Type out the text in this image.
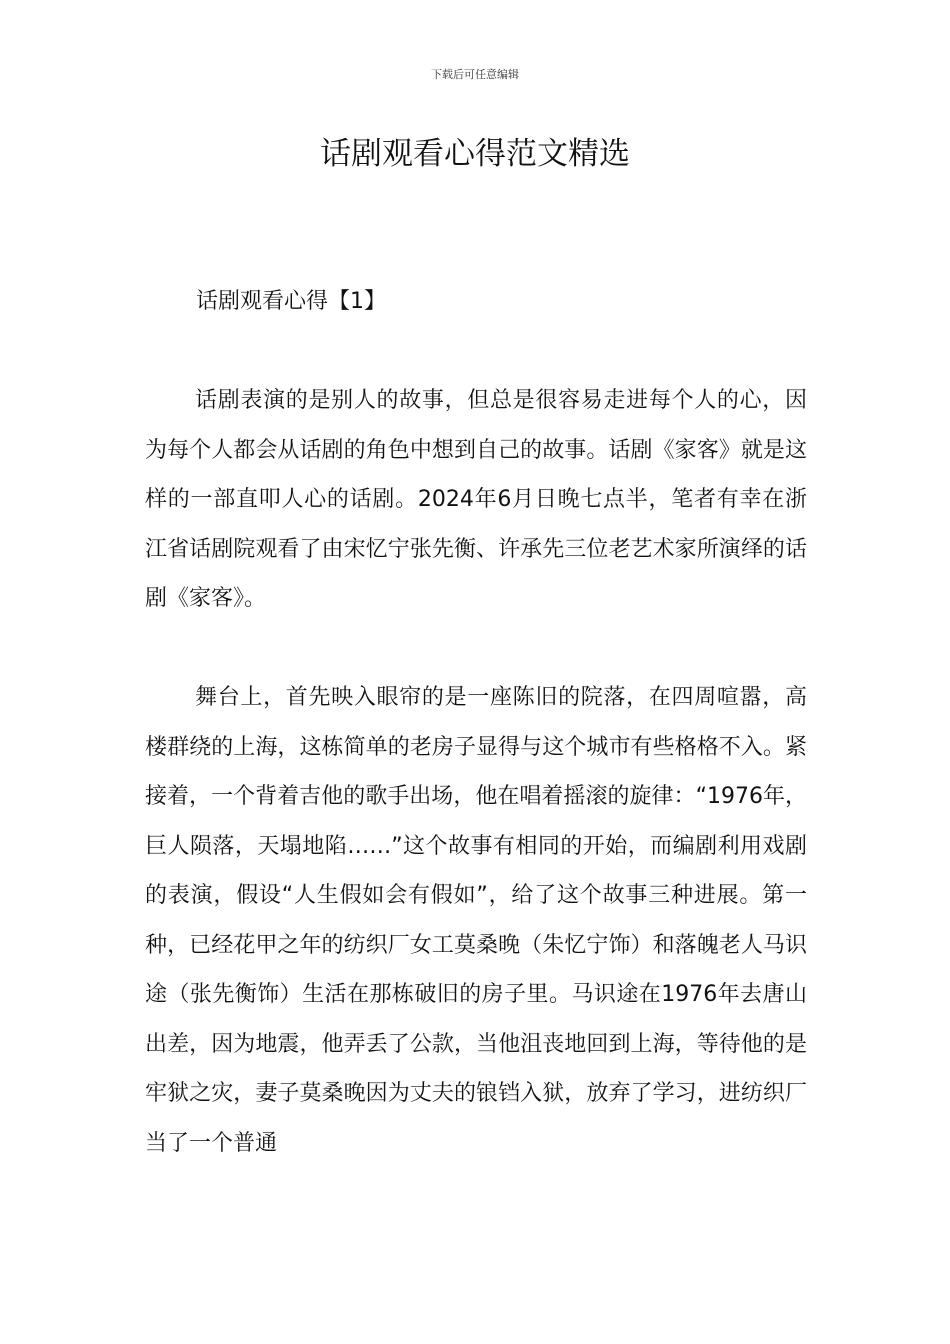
下载后可任意编辑
话剧观看心得范文精选
话剧观看心得【1】

话剧表演的是别人的故事，但总是很容易走进每个人的心，因为每个人都会从话剧的角色中想到自己的故事。话剧《家客》就是这样的一部直叩人心的话剧。2024年6月日晚七点半，笔者有幸在浙江省话剧院观看了由宋忆宁张先衡、许承先三位老艺术家所演绎的话剧《家客》。

舞台上，首先映入眼帘的是一座陈旧的院落，在四周喧嚣，高楼群绕的上海，这栋简单的老房子显得与这个城市有些格格不入。紧接着，一个背着吉他的歌手出场，他在唱着摇滚的旋律：“1976年，巨人陨落，天塌地陷……”这个故事有相同的开始，而编剧利用戏剧的表演，假设“人生假如会有假如”，给了这个故事三种进展。第一种，已经花甲之年的纺织厂女工莫桑晚（朱忆宁饰）和落魄老人马识途（张先衡饰）生活在那栋破旧的房子里。马识途在1976年去唐山出差，因为地震，他弄丢了公款，当他沮丧地回到上海，等待他的是牢狱之灾，妻子莫桑晚因为丈夫的锒铛入狱，放弃了学习，进纺织厂当了一个普通
